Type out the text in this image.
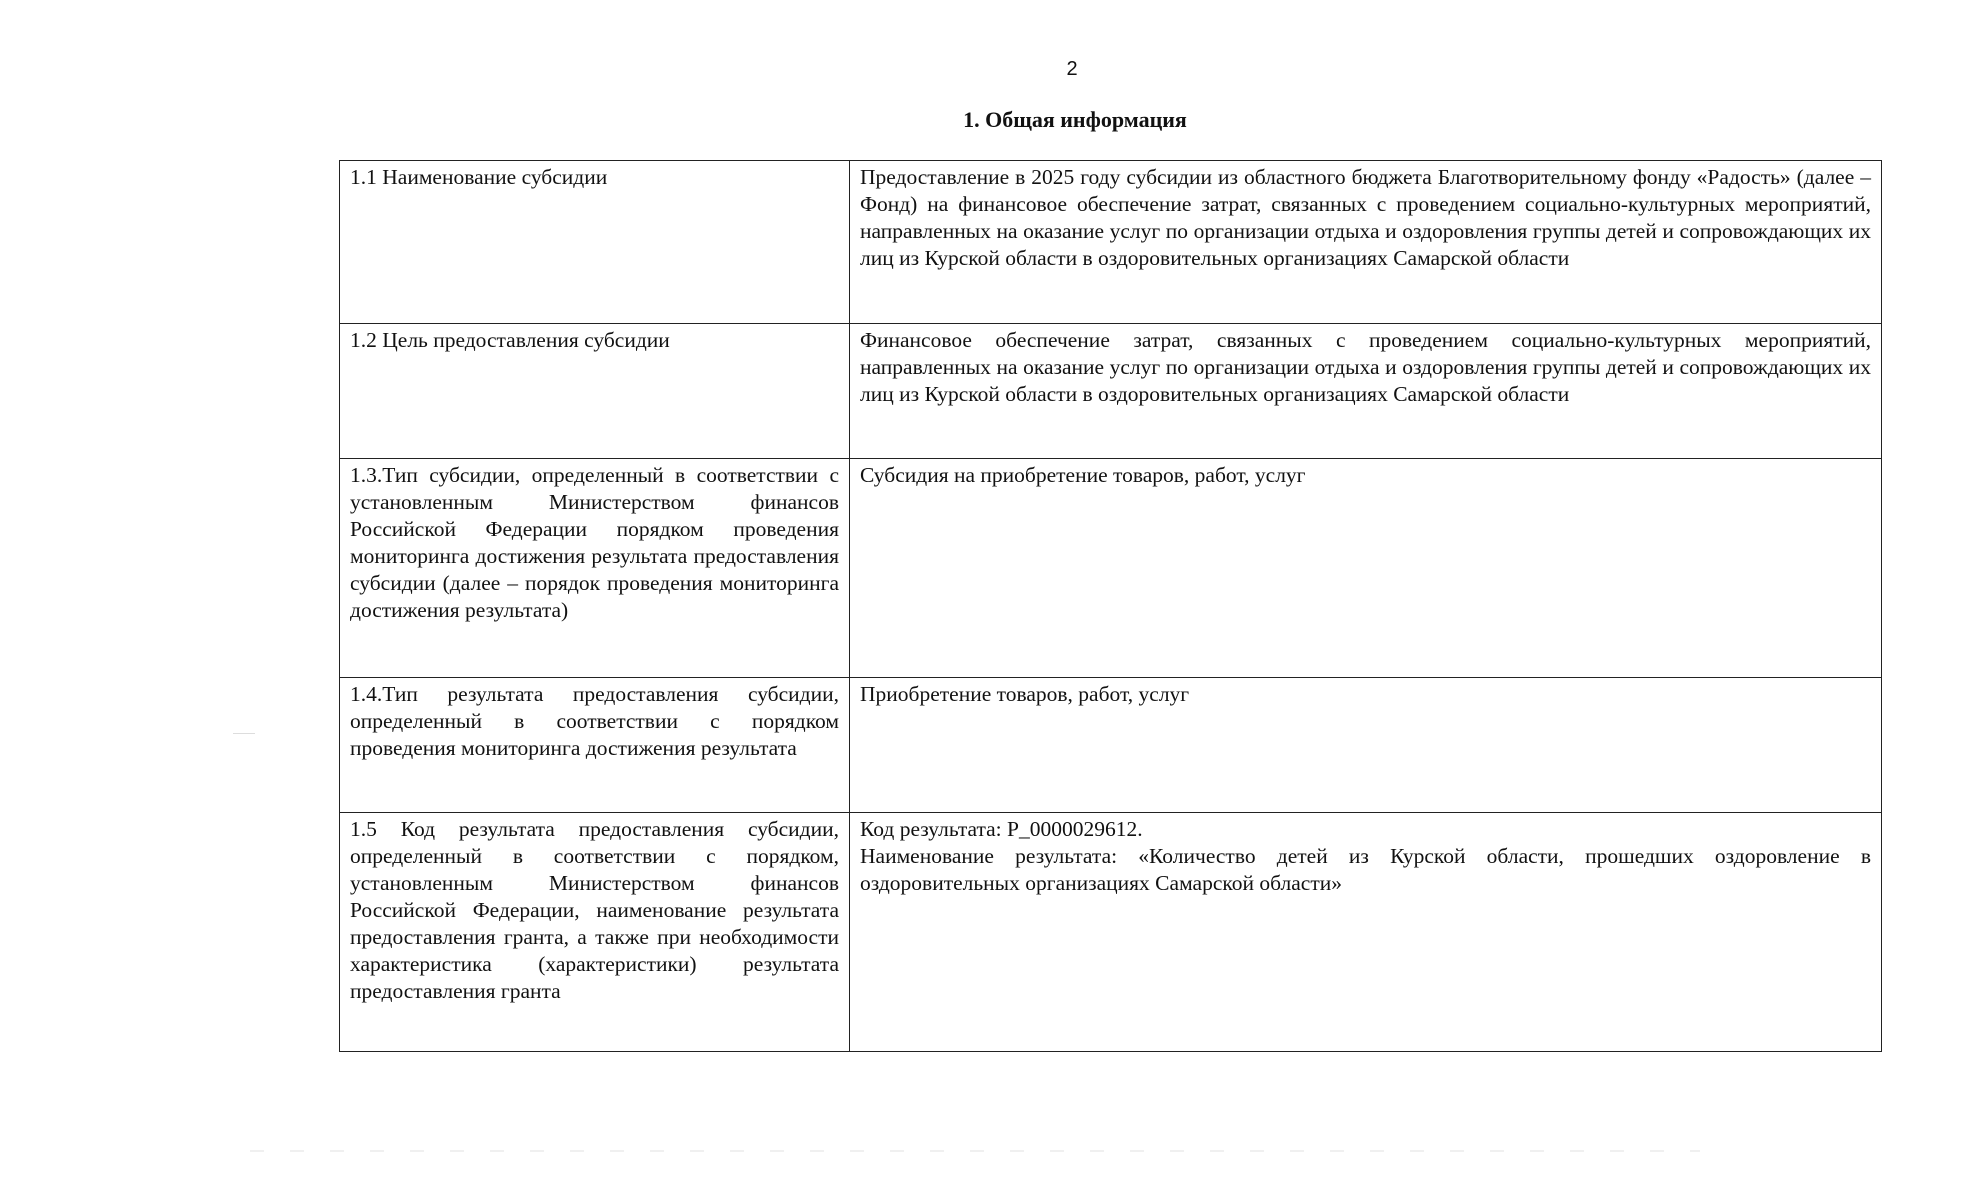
2
1. Общая информация
1.1 Наименование субсидии	Предоставление в 2025 году субсидии из областного бюджета Благотворительному фонду «Радость» (далее – Фонд) на финансовое обеспечение затрат, связанных с проведением социально-культурных мероприятий, направленных на оказание услуг по организации отдыха и оздоровления группы детей и сопровождающих их лиц из Курской области в оздоровительных организациях Самарской области
1.2 Цель предоставления субсидии	Финансовое обеспечение затрат, связанных с проведением социально-культурных мероприятий, направленных на оказание услуг по организации отдыха и оздоровления группы детей и сопровождающих их лиц из Курской области в оздоровительных организациях Самарской области
1.3.Тип субсидии, определенный в соответствии с установленным Министерством финансов Российской Федерации порядком проведения мониторинга достижения результата предоставления субсидии (далее – порядок проведения мониторинга достижения результата)	Субсидия на приобретение товаров, работ, услуг
1.4.Тип результата предоставления субсидии, определенный в соответствии с порядком проведения мониторинга достижения результата	Приобретение товаров, работ, услуг
1.5 Код результата предоставления субсидии, определенный в соответствии с порядком, установленным Министерством финансов Российской Федерации, наименование результата предоставления гранта, а также при необходимости характеристика (характеристики) результата предоставления гранта	Код результата: Р_0000029612.

Наименование результата: «Количество детей из Курской области, прошедших оздоровление в оздоровительных организациях Самарской области»
